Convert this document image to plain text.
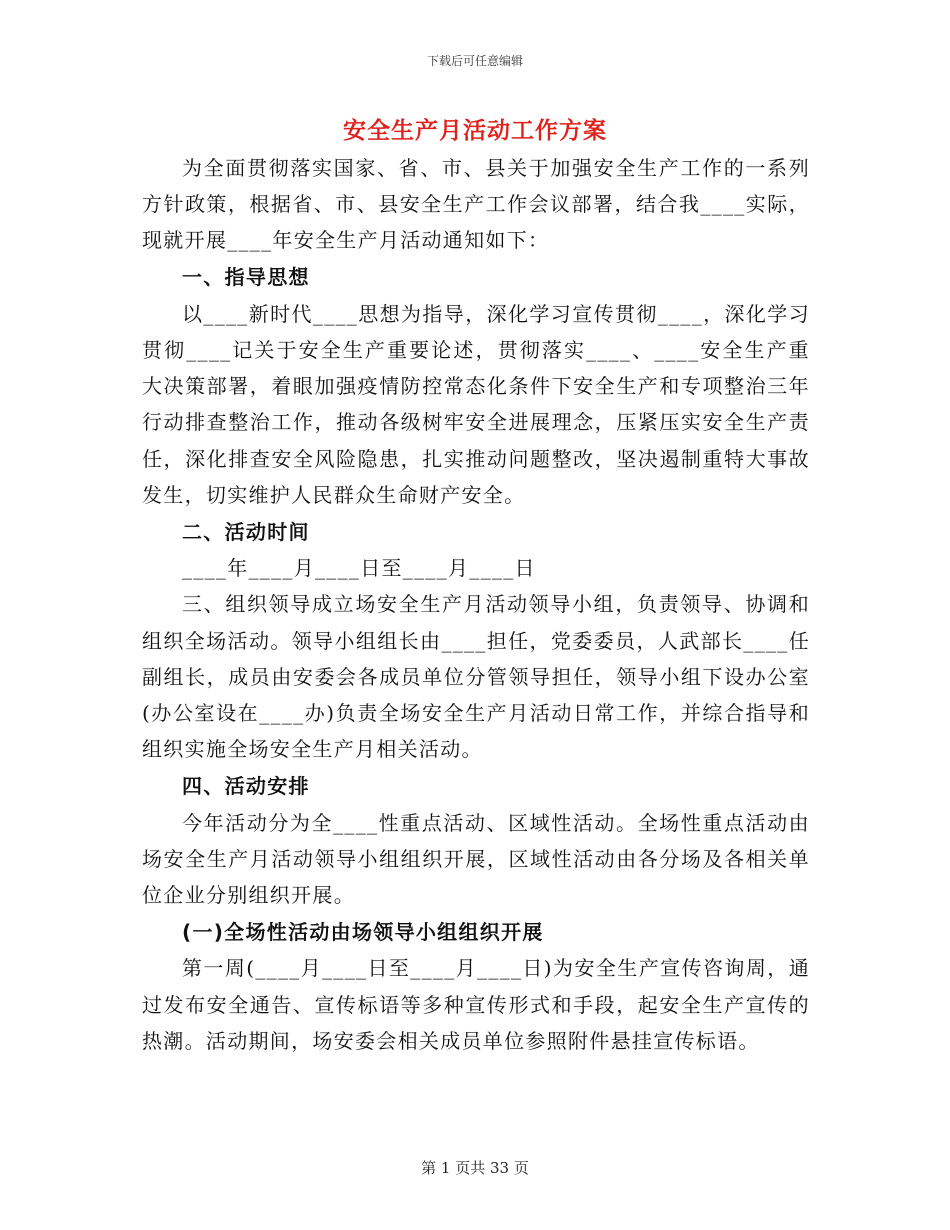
下载后可任意编辑
安全生产月活动工作方案

为全面贯彻落实国家、省、市、县关于加强安全生产工作的一系列方针政策，根据省、市、县安全生产工作会议部署，结合我____实际，现就开展____年安全生产月活动通知如下：

一、指导思想

以____新时代____思想为指导，深化学习宣传贯彻____，深化学习贯彻____记关于安全生产重要论述，贯彻落实____、____安全生产重大决策部署，着眼加强疫情防控常态化条件下安全生产和专项整治三年行动排查整治工作，推动各级树牢安全进展理念，压紧压实安全生产责任，深化排查安全风险隐患，扎实推动问题整改，坚决遏制重特大事故发生，切实维护人民群众生命财产安全。

二、活动时间

____年____月____日至____月____日

三、组织领导成立场安全生产月活动领导小组，负责领导、协调和组织全场活动。领导小组组长由____担任，党委委员，人武部长____任副组长，成员由安委会各成员单位分管领导担任，领导小组下设办公室(办公室设在____办)负责全场安全生产月活动日常工作，并综合指导和组织实施全场安全生产月相关活动。

四、活动安排

今年活动分为全____性重点活动、区域性活动。全场性重点活动由场安全生产月活动领导小组组织开展，区域性活动由各分场及各相关单位企业分别组织开展。

(一)全场性活动由场领导小组组织开展

第一周(____月____日至____月____日)为安全生产宣传咨询周，通过发布安全通告、宣传标语等多种宣传形式和手段，起安全生产宣传的热潮。活动期间，场安委会相关成员单位参照附件悬挂宣传标语。

第 1 页共 33 页
